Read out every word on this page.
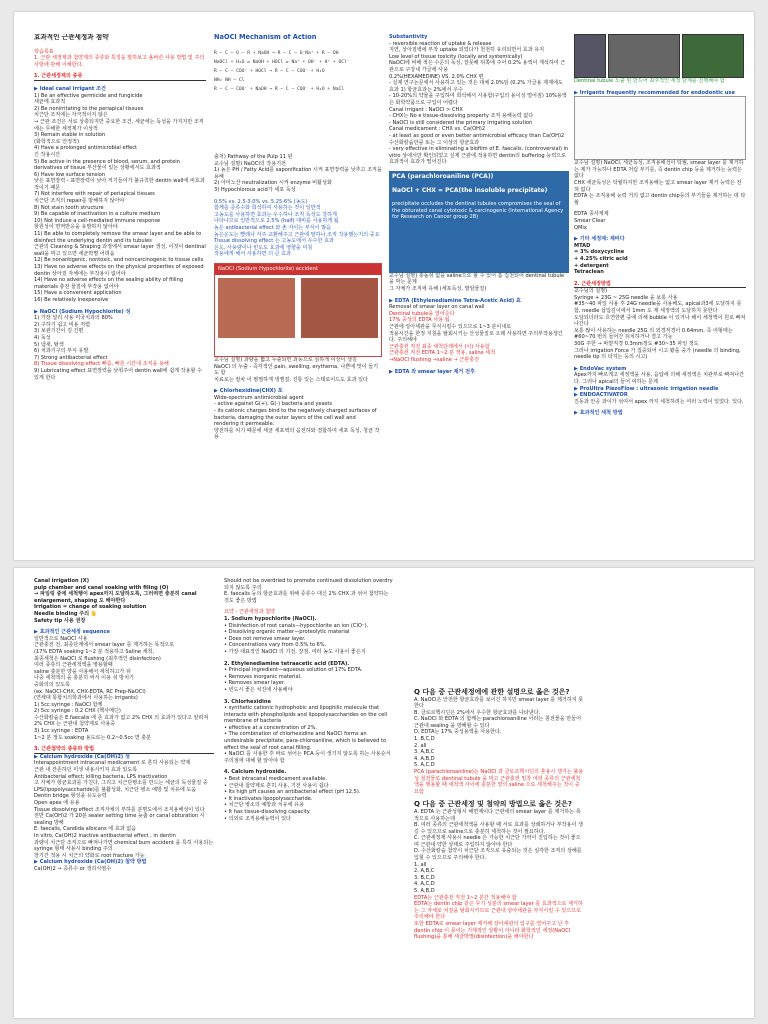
효과적인 근관세정과 첨약
학습목표
1. 근관 세정제과 첨약제의 종류와 특징을 말하보고 올바른 사용 방법 및 주의 사항에 관해 이해한다.
1. 근관세정제의 종류
▶ Ideal canal irrigant 조건
1) Be an effective germicide and fungicide
세균에 효과적
2) Be nonirritating to the periapical tissues
치근단 조직에는 자극적이지 않은
→ 근관 조건은 서로 상충되지만 중요한 조건, 세균에는 독성을 가지지만 조직에는 무해한 세정제가 이상적
3) Remain stable in solution
(화학적으로 안정적)
4) Have a prolonged antimicrobial effect
긴 작용시간
5) Be active in the presence of blood, serum, and protein derivatives of tissue 부산물이 있는 상황에서도 효과적
6) Have low surface tension
낮은 표면장력 - 표면장력이 낮아 저기들어가 불규칙한 dentin wall에 비효과적이기 때문
7) Not interfere with repair of periapical tissues
치근단 조직의 repair를 방해하지 않아야
8) Not stain tooth structure
9) Be capable of inactivation in a culture medium
10) Not induce a cell-mediated immune response
항원성이 면역반응을 유발하지 않아야
11) Be able to completely remove the smear layer and be able to disinfect the underlying dentin and its tubules
근관의 Cleaning & Shaping 과정에서 smear layer 생성, 이것이 dentinal wall을 막고 있으면 세균박멸 어려움
12) Be nonantigenic, nontoxic, and noncarcinogenic to tissue cells
13) Have no adverse effects on the physical properties of exposed dentin 상아질 자체에는 부작용이 없어야
14) Have no adverse effects on the sealing ability of filling materials 충전 물질에 부작용 없어야
15) Have a convenient application
16) Be relatively inexpensive
▶ NaOCl (Sodium Hypochlorite) 성
1) 가장 널리 사용 미국치과의 80%
2) 구하기 쉽고 비용 저렴
3) 보관기간이 김 긴편
4) 독성
5) 냄새, 탈색
6) 치과기구의 부식 유발
7) Strong antibacterial effect
8) Tissue dissolving effect 빠름, 빠른 시간내 조직을 용해
9) Lubricating effect 표면장력을 낮춰주어 dentin wall에 쉽게 작용할 수 있게 한다
NaOCl Mechanism of Action
R — C — O — R + NaOH → R — C — O⁻Na⁺ + R — OH
NaOCl + H₂O ⇌ NaOH + HOCl ⇌ Na⁺ + OH⁻ + H⁺ + OCl⁻
R — C — COO⁻ + HOCl → R — C — COO⁻ + H₂O
NH₂ NH — Cl
R — C — COO⁻ + NaOH → R — C — COO⁻ + H₂O + NaCl
출처) Pathway of the Pulp 11 판
교수님 설명) NaOCl의 작용기전
1) 높은 PH / Fatty Acid를 saponification 시켜 표면장력을 낮추고 조직을 용해
2) 아미노산 neutralization 시켜 enzyme 비활성화
3) Hypochlorous acid가 세포 독성
0.5% vs. 2.5-3.0% vs. 5.25-6% (농도)
함께를 증류수와 희석하여 사용하는 것이 일반적
고농도를 사용하면 효과는 우수하나 조직 독성도 강하게
나타나므로 일반적으로 2.5% (half) 대비를 사용하게 됨
높은 antibacterial effect 와 촌 자이는 부식이 많음
높은온도는 빨래나 자주 교환해주고 근관에 말하나 조직 작용했는지의 중요
Tissue dissolving effect 는 고농도에서 우수한 효과
온도, 사용량이나 빈도도 효과에 영향을 미침
작용에게 해서 사용하면 더 큰 효과
NaOCl (Sodium Hypochlorite) accident
교수님 설명) 과량을 짧고 누출되면 과동으로 심하게 이상이 생김
NaOCl 의 누출 - 즉각적인 pain, swelling, erythema, 나쁜에 맛이 들기도 함
치료로는 절차 이 찜찜하게 냉찜질, 진통 있는 스테로이드도 효과 있다
▶ Chlorhexidine(CHX) 포
Wide-spectrum antimicrobial agent
- active against G(+), G(-) bacteria and yeasts
- its cationic charges bind to the negatively charged surfaces of bacteria, damaging the outer layers of the cell wall and rendering it permeable.
양전하를 띠기 때문에 세균 세포벽의 음전하와 결합하여 세포 독성, 청균 작용
Substantivity
- reversible reaction of uptake & release
지연, 상아질벽에 부착 uptake 되었다가 천천히 유리되면서 효과 유지
Low level of tissue toxicity (locally and systemically)
NaOCl에 비해 적은 수준의 독성, 잘못해 뒤쪽에 주어 0.2% 용액이 재석하여 근관으로 구강내 가글에 사용
0.2%(HEXAMEDINE) VS. 2.0% CHX 편
- 실제 연구논문에서 사용하고 있는 것은 대체 2.0%임 (0.2% 가글용 제제에도 효과 1) 항균효과는 2%에서 우수
- 10-20%의 약물을 구입하여 희석해서 사용함(구입의 용이성 떨어짐) 10%용액은 화학약품으로 구입이 어렵다
Canal irrigant : NaOCl > CHX
- CHX는 No e tissue-dissolving property 조직 용해능력 없다
- NaOCl is still considered the primary irrigating solution
Canal medicament : CHX vs. Ca(OH)2
- at least as good or even better antimicrobial efficacy than Ca(OH)2 수산화칼슘만큼 또는 그 이상의 항균효과
- very effective in eliminating a biofilm of E. faecalis. (controversial) in vitro 상에서만 확인되었고 실제 근관에 적용하면 dentin의 buffering 능력으로 효과적이 효과가 떨어진다
PCA (parachloroaniline (PCA))
NaOCl + CHX = PCA(the insoluble precipitate)
precipitate occludes the dentinal tubules compromises the seal of the obturated canal cytotoxic & carcinogenic (International Agency for Research on Cancer group 2B)
교수님 설명) 충돌섞 없을 saline으로 할 수 있어 흡 집천되어 dentinal tubule을 막는 문제
그 자체가 조직에 유해 (세포독성, 발암물질)
▶ EDTA (Ethylenediamine Tetra-Acetic Acid) 효
Removal of smear layer on canal wall
Dentinal tubule을 열어준다
17% 중성의 EDTA 사용 됨
근관에 상아세관을 무식시킬수 있으므로 1~3 분이내로
적용시간을 한정 지침을 탈회시키는 산성물질로 오래 사용하면 주의부작용생긴다. 주의해야
근관충전 직전 최종 세척단계에서 (이) 사용함
근관충전 직전 EDTA 1~2 분 적용, saline 세척
→NaOCl flushing →saline → 근관충전
▶ EDTA 와 smear layer 제거 전후
Dentinal tubule 노출 된 만드어 최후적인 세정 단계를 진행해야 함
▶ Irrigants frequently recommended for endodontic use
교수님 설명) NaOCl, 세균독성, 조직용해성이 탁월, smear layer 를 제거하는 제가 가능하나 EDTA 처럼 부기를, 즉 dentin chip 등을 제거하는 능력은 없다
CHX 세균독성은 탁월하지만 조직용해는 없고 smear layer 제거 능력은 전혀 없다
EDTA 는 조직용해 능력 거의 없고 dentin chip등의 부기들을 제거하는 데 탁월
EDTA 종사제제
Smear Clear
QMix
▶ 기타 세정제: 제바다
MTAD
= 3% doxycycline
+ 4.25% citric acid
+ detergent
Tetraclean
2. 근관세정방법
교수님의 설명)
Syringe + 23G ~ 25G needle 을 보통 사용
#35~40 파일 사용 후 24G needle을 사용해도, apical과3에 도달하지 못함, needle 삽입깊이에서 1mm 도 제 세정액의 도달하지 못한다
도달되더라도 흐연한편 중에 의해 bubble 이 있거나 해서 세정액이 원로 빠져나간다
보통 많이 사용하는 needle 25G 의 외경직경이 0.64mm, 즉 여형태는 #60~70 번의 들어간 뒤치하거나 결고 가능
30G 주한 → 바깥직경 0.3mm정도 #30~35 파일 정도
그러나 irrigation Force 가 집중되어 시고 봤을 중가 (needle 의 binding, needle tip 의 타지는 등의 시고)
▶ EndoVac system
Apex까지 빠르게고 세정액을 사용, 음압에 의해 세정액은 치관부로 빠져나간다. 그러나 apical의 들어 여하는 문제
▶ ProUltra PiezoFlow : ultrasonic irrigation needle
▶ ENDOACTIVATOR
진동과 안공 과이가 섞여서 apex 까지 세척하려는 여러 노력이 있었다. 있다.
▶ 효과적인 세척 방법
Canal irrigation (X)
pulp chamber and canal soaking with filing (O)
→ 파일링 중에 세척행이 apex까지 도달하도록, 그러려면 충분히 canal enlargement, shaping 도 해야한다
Irrigation = change of soaking solution
Needle binding 주의 🖐
Safety tip 사용 권장
▶ 효과적인 근관세정 sequence
일반적으로 NaOCl 사용
근관충전 전, 최종단계에서 smear layer 를 제거하는 목적으로
(17% EDTA soaking 1~2 분 적용하고 Saline 세척,
최종세척은 NaOCl 로 flushing (최후적인 disinfection)
여러 종류의 근관세척액을 병용할때
saline 충분한 양을 사용해서 세척하고가 뒤
나중 세척액의 을 충분히 써서 이용 섞 방치기
중화의의 있도록
(ex. NaOCl-CHX, CHX-EDTA, RC Prep-NaOCl)
(연세대 통합치의학과에서 사용하는 irrigants)
1) 5cc syringe : NaOCl 함께
2) 5cc syringe : 0.2 CHX (헥사메딘)
수산화칼슘은 E.faecalis 에 존 효과가 없고 2% CHX 의 효과가 있다고 알려져 2% CHX 는 근관내 첨약제로 사용중
3) 1cc syringe : EDTA
1~2 분 정도 soaking 용도로는 0.2~0.5cc 면 충분
3. 근관첨약의 종류와 방법
▶ Calcium hydroxide (Ca(OH)2) 성
Interappointment intracanal medicament 로 흔히 사용되는 약제
근관 내 잔존하던 미생 내용사키지 효과 있도록
Antibacterial effect; killing bacteria, LPS inactivation
고 자체가 항균효과를 가진다, 그리고 치근단병소를 만드는 세균의 독성물질 중 LPS(lipopolysaccharide)를 불활성화, 치근단 병소 예방 및 치유에 도움
Dentin bridge 형성을 유도능력
Open apex 에 유용
Tissue dissolving effect 조직자체의 부하를 분명도에서 조직용해성이 있다
전반 Ca(OH)2 가 20분 sealer setting time 늦춤 or canal obturation 시 sealing 방해
E. faecalis, Candida albicans 에 효과 없음
In vitro, Ca(OH)2 inactive antibacterial effect , in dentin
과량이 치근단 조직으로 빠져나가면 chemical burn accident 을 특히 사용되는 syringe 형태 사용시 binding 주의
장기간 적용 시 치근의 약화로 root fracture 가능
▶ Calcium hydroxide (Ca(OH)2) 첨약 방법
Ca(OH)2 → 증류수 or 생리식염수
Should not be overdried to promote continued dissolution overdry 되지 않도록 주의
E. faecalis 등의 항균효과를 위해 증류수 대신 2% CHX 과 섞어 첨약하는 것도 좋은 방법
요약 - 근관세정과 첨약
1. Sodium hypochlorite (NaOCl).
• Disinfection of root canals—hypochlorite an ion (ClO⁻).
• Dissolving organic matter—proteolytic material
• Does not remove smear layer.
• Concentrations vary from 0.5% to 6%.
• 가장 대표적인 NaOCl 의 기전, 장점, 여러 농도 사용이 좋은지
2. Ethylenediamine tetraacetic acid (EDTA).
• Principal ingredient—aqueous solution of 17% EDTA.
• Removes inorganic material.
• Removes smear layer.
• 빈도시 좋은 치진에 사용해야
3. Chlorhexidine
• synthetic cationic hydrophobic and lipophilic molecule that interacts with phospholipids and lipopolysaccharides on the cell membrane of bacteria
• effective at a concentration of 2%.
• The combination of chlorhexidine and NaOCl forms an undesirable precipitate, para-chloroaniline, which is believed to effect the seal of root canal filling.
• NaOCl 를 사용한 후 바로 섞어는 PCA 등이 생기지 않도록 하는 사용순서 주의점에 대해 할 알아야 함
4. Calcium hydroxide.
• Best intracanal medicament available.
• 근관내 첨약제로 흔히 사용, 기전 사용이 쉽다
• Its high pH causes an antibacterial effect (pH 12.5).
• It inactivates lipopolysaccharide.
• 치근단 병소의 예방과 치유에 유용
• It has tissue-dissolving capacity.
• 의외로 조직용해능력이 있다
Q 다음 중 근관세정에에 관한 설명으로 옳은 것은?
A. NaOCl은 안전한 항균효과를 보이긴 하지만 smear layer 를 제거하지 못한다
B. 클로르헥시딘은 2%에서 우수한 항균효과를 나타낸다.
C. NaOCl 와 EDTA 의 함께는 parachloroaniline 이라는 침전물을 만들어 근관내 sealing 을 방해할 수 있다
D. EDTA는 17% 중성용액을 사용한다.
1. B,C,D
2. all
3. A,B,C
4. A,B,D
5. A,C,D
PCA (parachloroaniline)는 NaOCl 과 클로르헥시딘의 혼용시 생기는 불용성 침전물로 dentinal tubule 을 막고 근관충전 밀착 여러 종류의 근관세척액을 병용할 때 세척액 사이에 충분한 양의 saline 으로 세척해주는 것이 중요함
Q 다음 중 근관세정 및 첨약의 방법으로 옳은 것은?
A. EDTA 는 근관성형시 해면제이다 근관세의 smear layer 를 제거하는 목적으로 사용하는데
B. 여러 종류의 근관세척액을 사용할 때 서로 효과를 상쇄하거나 부작용이 생길 수 있으므로 saline으로 충분히 세척하는 것이 필요하다.
C. 근관세정제 사용시 needle 은 가능한 치근단 가까이 진입하는 것이 좋으며 근관내 약한 상태로 주입하지 않아야 한다
D. 수산화칼슘 첨약시 치근단 조직으로 유출되는 것은 심각한 조직의 상해를 입힐 수 있으므로 주의해야 한다.
1. all
2. A,B,C
3. B,C,D
4. A,C,D
5. A,B,D
EDTA는 근관충전 직전 1~2 분간 적용해야 함
EDTA는 dentin chip 같은 무기 성분의 smear layer 를 효과적으로 제거하는 그 자체로 치질을 탈회시키므로 근관내 상아세관을 부식시킬 수 있으므로 주의해야 한다
또한 EDTA로 smear layer 제거해 상아세관의 입구를 열어주고 난 후 dentin chip 이 뭉이는 기계적인 상황이 아니라 화학적인 세정(NaOCl flushing)을 통해 세균박멸(disinfection)을 해야한다
